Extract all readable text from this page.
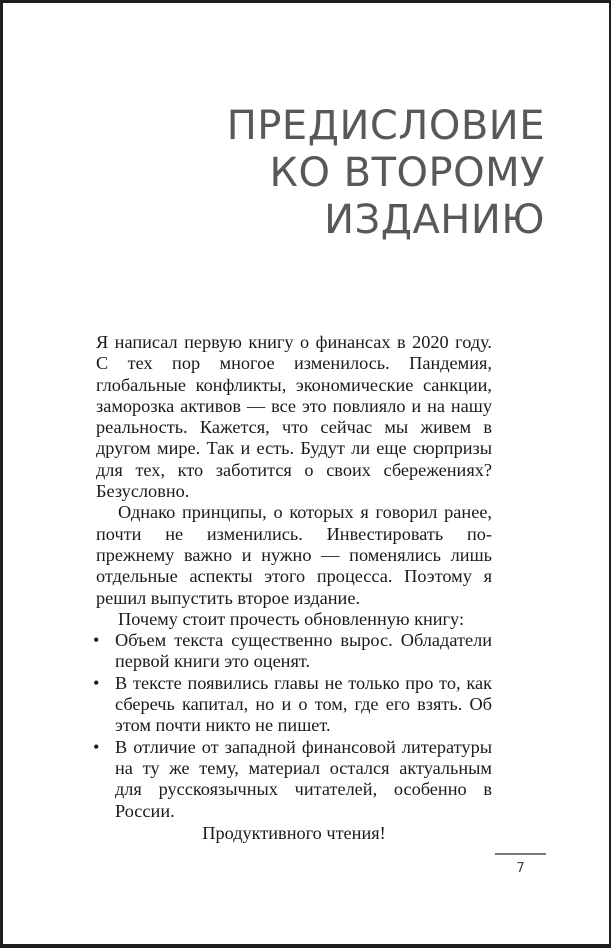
ПРЕДИСЛОВИЕ
КО ВТОРОМУ
ИЗДАНИЮ

Я написал первую книгу о финансах в 2020 году. С тех пор многое изменилось. Пандемия, глобальные конфликты, экономические санкции, заморозка активов — все это повлияло и на нашу реальность. Кажется, что сейчас мы живем в другом мире. Так и есть. Будут ли еще сюрпризы для тех, кто заботится о своих сбережениях? Безусловно.

Однако принципы, о которых я говорил ранее, почти не изменились. Инвестировать по-прежнему важно и нужно — поменялись лишь отдельные аспекты этого процесса. Поэтому я решил выпустить второе издание.

Почему стоит прочесть обновленную книгу:

• Объем текста существенно вырос. Обладатели первой книги это оценят.
• В тексте появились главы не только про то, как сберечь капитал, но и о том, где его взять. Об этом почти никто не пишет.
• В отличие от западной финансовой литературы на ту же тему, материал остался актуальным для русскоязычных читателей, особенно в России.
Продуктивного чтения!
7
